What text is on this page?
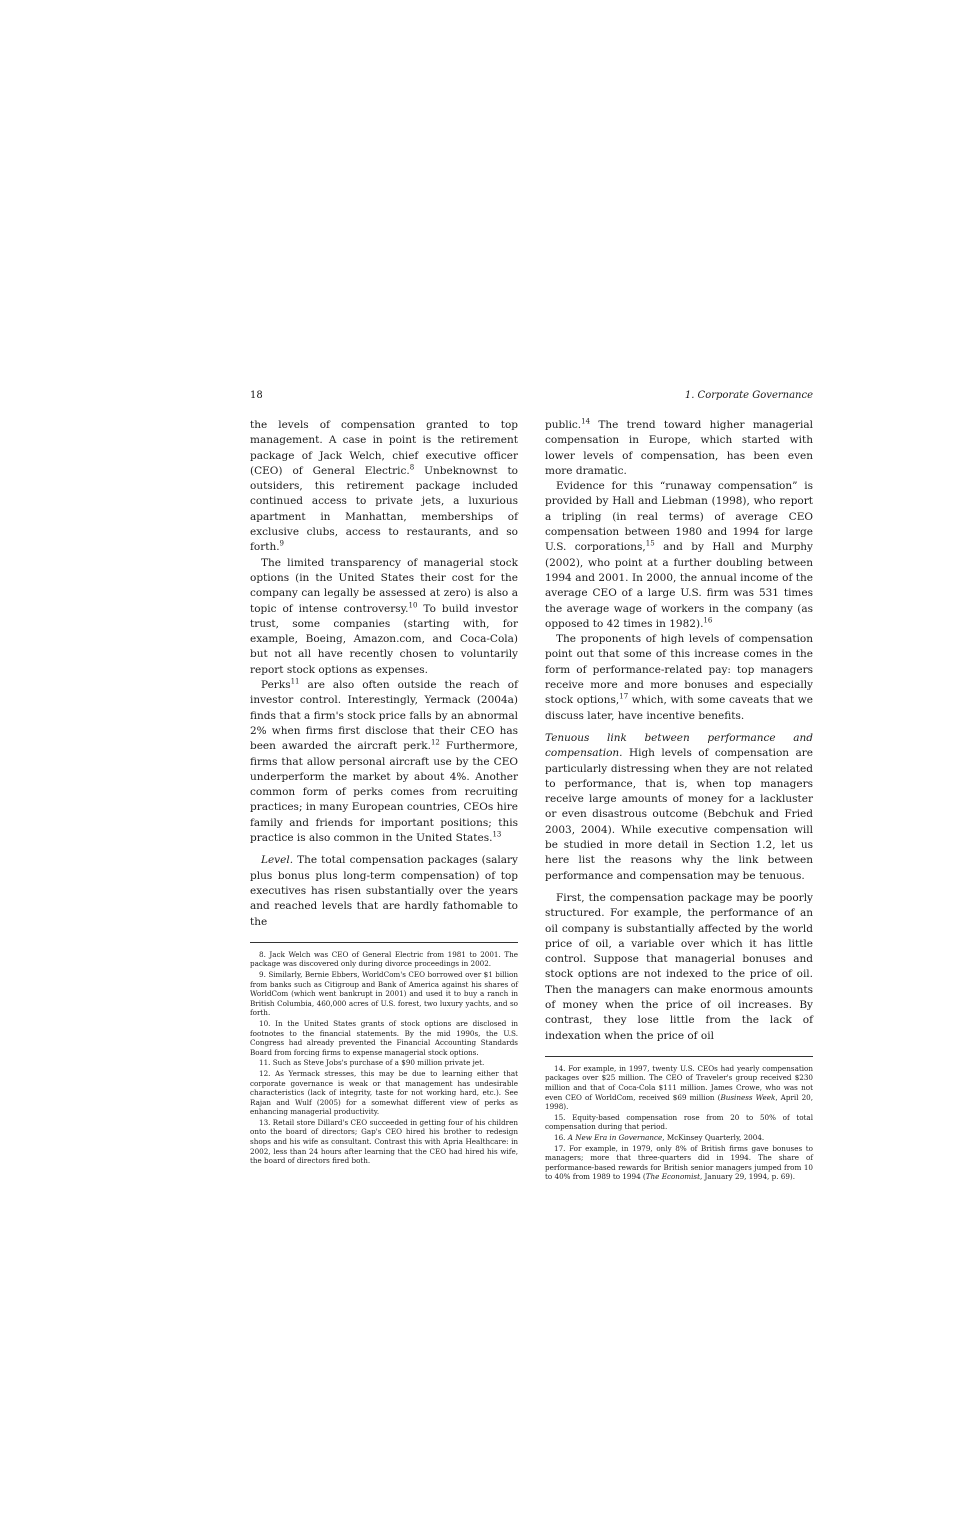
18	1. Corporate Governance

the levels of compensation granted to top management. A case in point is the retirement package of Jack Welch, chief executive officer (CEO) of General Electric.$^8$ Unbeknownst to outsiders, this retirement package included continued access to private jets, a luxurious apartment in Manhattan, memberships of exclusive clubs, access to restaurants, and so forth.$^9$

The limited transparency of managerial stock options (in the United States their cost for the company can legally be assessed at zero) is also a topic of intense controversy.$^{10}$ To build investor trust, some companies (starting with, for example, Boeing, Amazon.com, and Coca-Cola) but not all have recently chosen to voluntarily report stock options as expenses.

Perks$^{11}$ are also often outside the reach of investor control. Interestingly, Yermack (2004a) finds that a firm's stock price falls by an abnormal 2% when firms first disclose that their CEO has been awarded the aircraft perk.$^{12}$ Furthermore, firms that allow personal aircraft use by the CEO underperform the market by about 4%. Another common form of perks comes from recruiting practices; in many European countries, CEOs hire family and friends for important positions; this practice is also common in the United States.$^{13}$

Level. The total compensation packages (salary plus bonus plus long-term compensation) of top executives has risen substantially over the years and reached levels that are hardly fathomable to the

8. Jack Welch was CEO of General Electric from 1981 to 2001. The package was discovered only during divorce proceedings in 2002.

9. Similarly, Bernie Ebbers, WorldCom's CEO borrowed over $1 billion from banks such as Citigroup and Bank of America against his shares of WorldCom (which went bankrupt in 2001) and used it to buy a ranch in British Columbia, 460,000 acres of U.S. forest, two luxury yachts, and so forth.

10. In the United States grants of stock options are disclosed in footnotes to the financial statements. By the mid 1990s, the U.S. Congress had already prevented the Financial Accounting Standards Board from forcing firms to expense managerial stock options.

11. Such as Steve Jobs's purchase of a $90 million private jet.

12. As Yermack stresses, this may be due to learning either that corporate governance is weak or that management has undesirable characteristics (lack of integrity, taste for not working hard, etc.). See Rajan and Wulf (2005) for a somewhat different view of perks as enhancing managerial productivity.

13. Retail store Dillard's CEO succeeded in getting four of his children onto the board of directors; Gap's CEO hired his brother to redesign shops and his wife as consultant. Contrast this with Apria Healthcare: in 2002, less than 24 hours after learning that the CEO had hired his wife, the board of directors fired both.

public.$^{14}$ The trend toward higher managerial compensation in Europe, which started with lower levels of compensation, has been even more dramatic.

Evidence for this “runaway compensation” is provided by Hall and Liebman (1998), who report a tripling (in real terms) of average CEO compensation between 1980 and 1994 for large U.S. corporations,$^{15}$ and by Hall and Murphy (2002), who point at a further doubling between 1994 and 2001. In 2000, the annual income of the average CEO of a large U.S. firm was 531 times the average wage of workers in the company (as opposed to 42 times in 1982).$^{16}$

The proponents of high levels of compensation point out that some of this increase comes in the form of performance-related pay: top managers receive more and more bonuses and especially stock options,$^{17}$ which, with some caveats that we discuss later, have incentive benefits.

Tenuous link between performance and compensation. High levels of compensation are particularly distressing when they are not related to performance, that is, when top managers receive large amounts of money for a lackluster or even disastrous outcome (Bebchuk and Fried 2003, 2004). While executive compensation will be studied in more detail in Section 1.2, let us here list the reasons why the link between performance and compensation may be tenuous.

First, the compensation package may be poorly structured. For example, the performance of an oil company is substantially affected by the world price of oil, a variable over which it has little control. Suppose that managerial bonuses and stock options are not indexed to the price of oil. Then the managers can make enormous amounts of money when the price of oil increases. By contrast, they lose little from the lack of indexation when the price of oil

14. For example, in 1997, twenty U.S. CEOs had yearly compensation packages over $25 million. The CEO of Traveler's group received $230 million and that of Coca-Cola $111 million. James Crowe, who was not even CEO of WorldCom, received $69 million (Business Week, April 20, 1998).

15. Equity-based compensation rose from 20 to 50% of total compensation during that period.

16. A New Era in Governance, McKinsey Quarterly, 2004.

17. For example, in 1979, only 8% of British firms gave bonuses to managers; more that three-quarters did in 1994. The share of performance-based rewards for British senior managers jumped from 10 to 40% from 1989 to 1994 (The Economist, January 29, 1994, p. 69).
